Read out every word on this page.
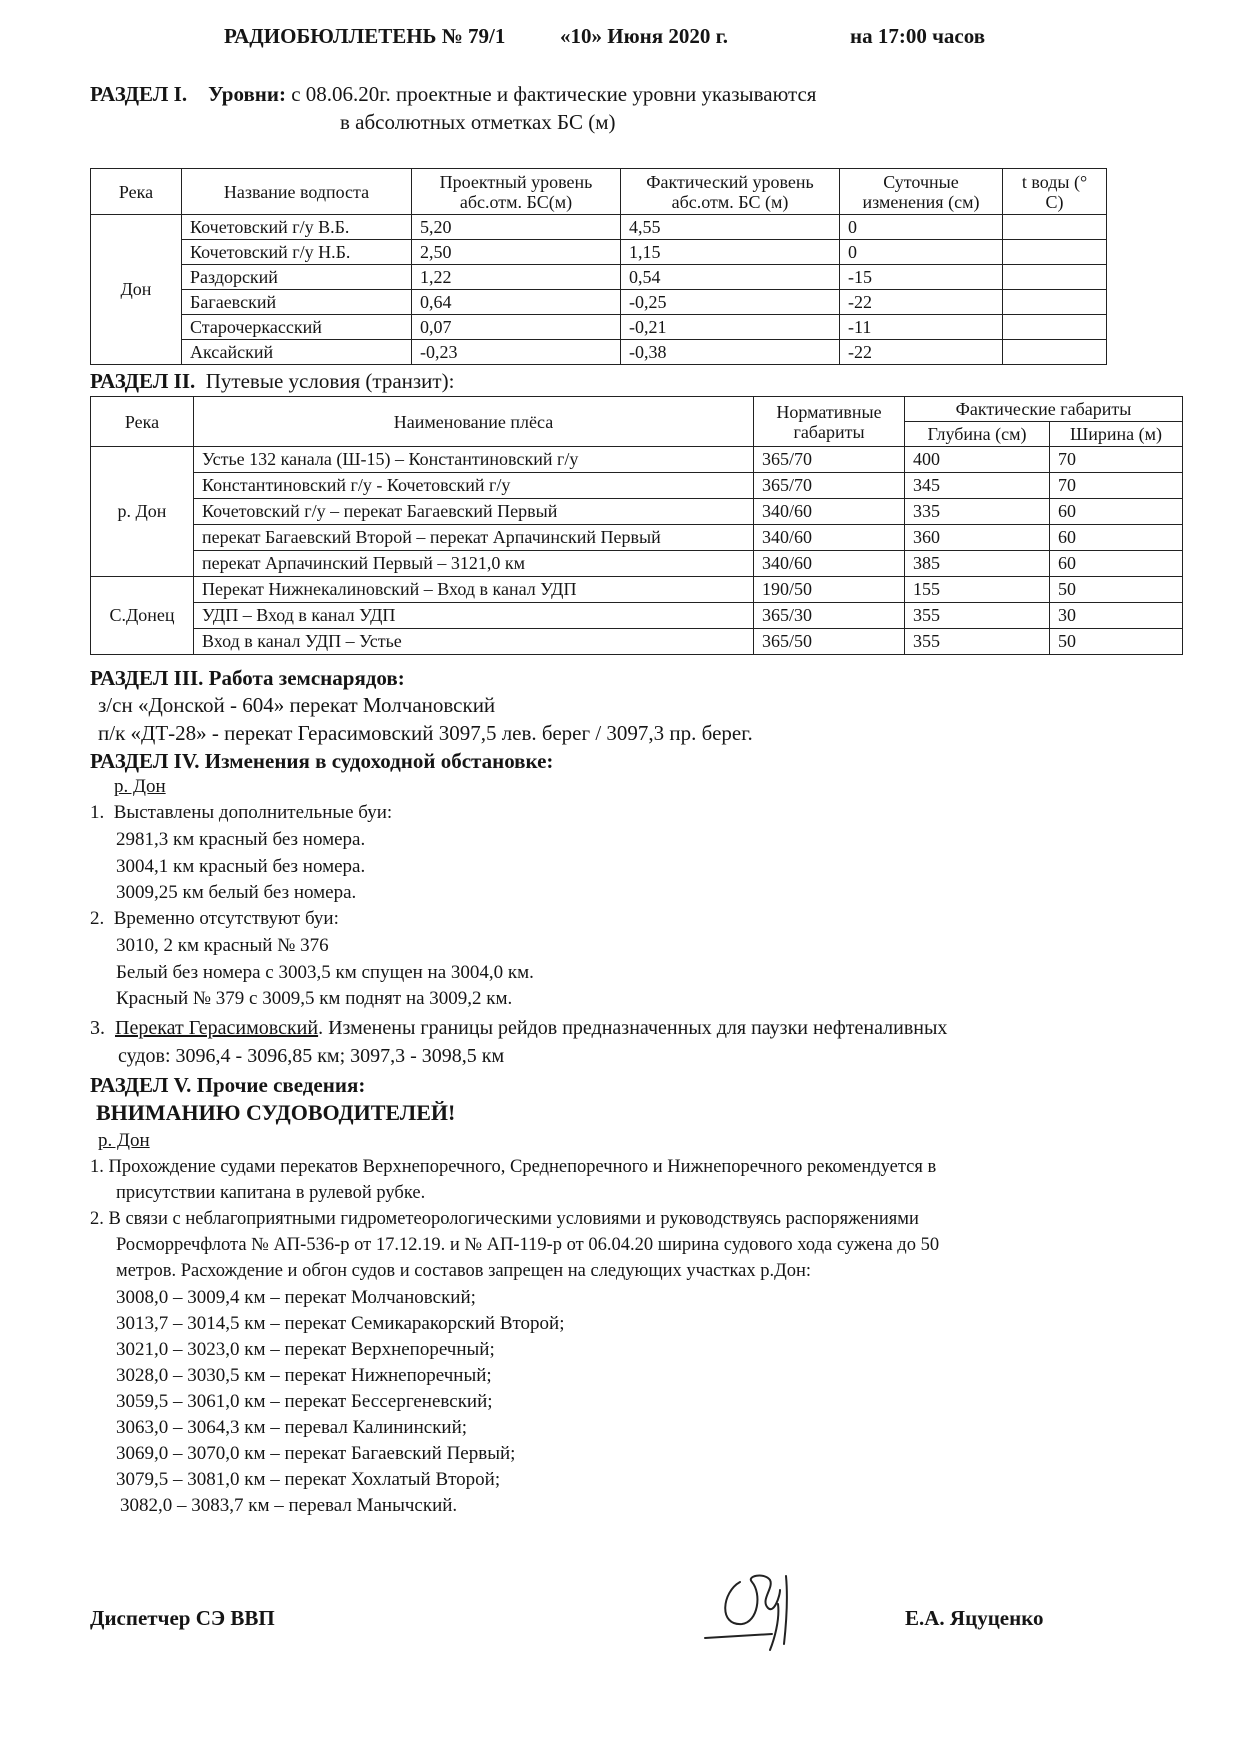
РАДИОБЮЛЛЕТЕНЬ № 79/1	«10» Июня 2020 г.	на 17:00 часов
РАЗДЕЛ I. Уровни: с 08.06.20г. проектные и фактические уровни указываются
в абсолютных отметках БС (м)
Река	Название водпоста	Проектный уровень абс.отм. БС(м)	Фактический уровень абс.отм. БС (м)	Суточные изменения (см)	t воды (° С)
Дон	Кочетовский г/у В.Б.	5,20	4,55	0	
	Кочетовский г/у Н.Б.	2,50	1,15	0	
	Раздорский	1,22	0,54	-15	
	Багаевский	0,64	-0,25	-22	
	Старочеркасский	0,07	-0,21	-11	
	Аксайский	-0,23	-0,38	-22	
РАЗДЕЛ II. Путевые условия (транзит):
Река	Наименование плёса	Нормативные габариты	Фактические габариты	
			Глубина (см)	Ширина (м)
р. Дон	Устье 132 канала (Ш-15) – Константиновский г/у	365/70	400	70
	Константиновский г/у - Кочетовский г/у	365/70	345	70
	Кочетовский г/у – перекат Багаевский Первый	340/60	335	60
	перекат Багаевский Второй – перекат Арпачинский Первый	340/60	360	60
	перекат Арпачинский Первый – 3121,0 км	340/60	385	60
С.Донец	Перекат Нижнекалиновский – Вход в канал УДП	190/50	155	50
	УДП – Вход в канал УДП	365/30	355	30
	Вход в канал УДП – Устье	365/50	355	50
РАЗДЕЛ III. Работа земснарядов:
з/сн «Донской - 604» перекат Молчановский
п/к «ДТ-28» - перекат Герасимовский 3097,5 лев. берег / 3097,3 пр. берег.
РАЗДЕЛ IV. Изменения в судоходной обстановке:
р. Дон
1. Выставлены дополнительные буи:
2981,3 км красный без номера.
3004,1 км красный без номера.
3009,25 км белый без номера.
2. Временно отсутствуют буи:
3010, 2 км красный № 376
Белый без номера с 3003,5 км спущен на 3004,0 км.
Красный № 379 с 3009,5 км поднят на 3009,2 км.
3. Перекат Герасимовский. Изменены границы рейдов предназначенных для паузки нефтеналивных
судов: 3096,4 - 3096,85 км; 3097,3 - 3098,5 км
РАЗДЕЛ V. Прочие сведения:
ВНИМАНИЮ СУДОВОДИТЕЛЕЙ!
р. Дон
1. Прохождение судами перекатов Верхнепоречного, Среднепоречного и Нижнепоречного рекомендуется в
присутствии капитана в рулевой рубке.
2. В связи с неблагоприятными гидрометеорологическими условиями и руководствуясь распоряжениями
Росморречфлота № АП-536-р от 17.12.19. и № АП-119-р от 06.04.20 ширина судового хода сужена до 50
метров. Расхождение и обгон судов и составов запрещен на следующих участках р.Дон:
3008,0 – 3009,4 км – перекат Молчановский;
3013,7 – 3014,5 км – перекат Семикаракорский Второй;
3021,0 – 3023,0 км – перекат Верхнепоречный;
3028,0 – 3030,5 км – перекат Нижнепоречный;
3059,5 – 3061,0 км – перекат Бессергеневский;
3063,0 – 3064,3 км – перевал Калининский;
3069,0 – 3070,0 км – перекат Багаевский Первый;
3079,5 – 3081,0 км – перекат Хохлатый Второй;
3082,0 – 3083,7 км – перевал Манычский.
Диспетчер СЭ ВВП	Е.А. Яцуценко
